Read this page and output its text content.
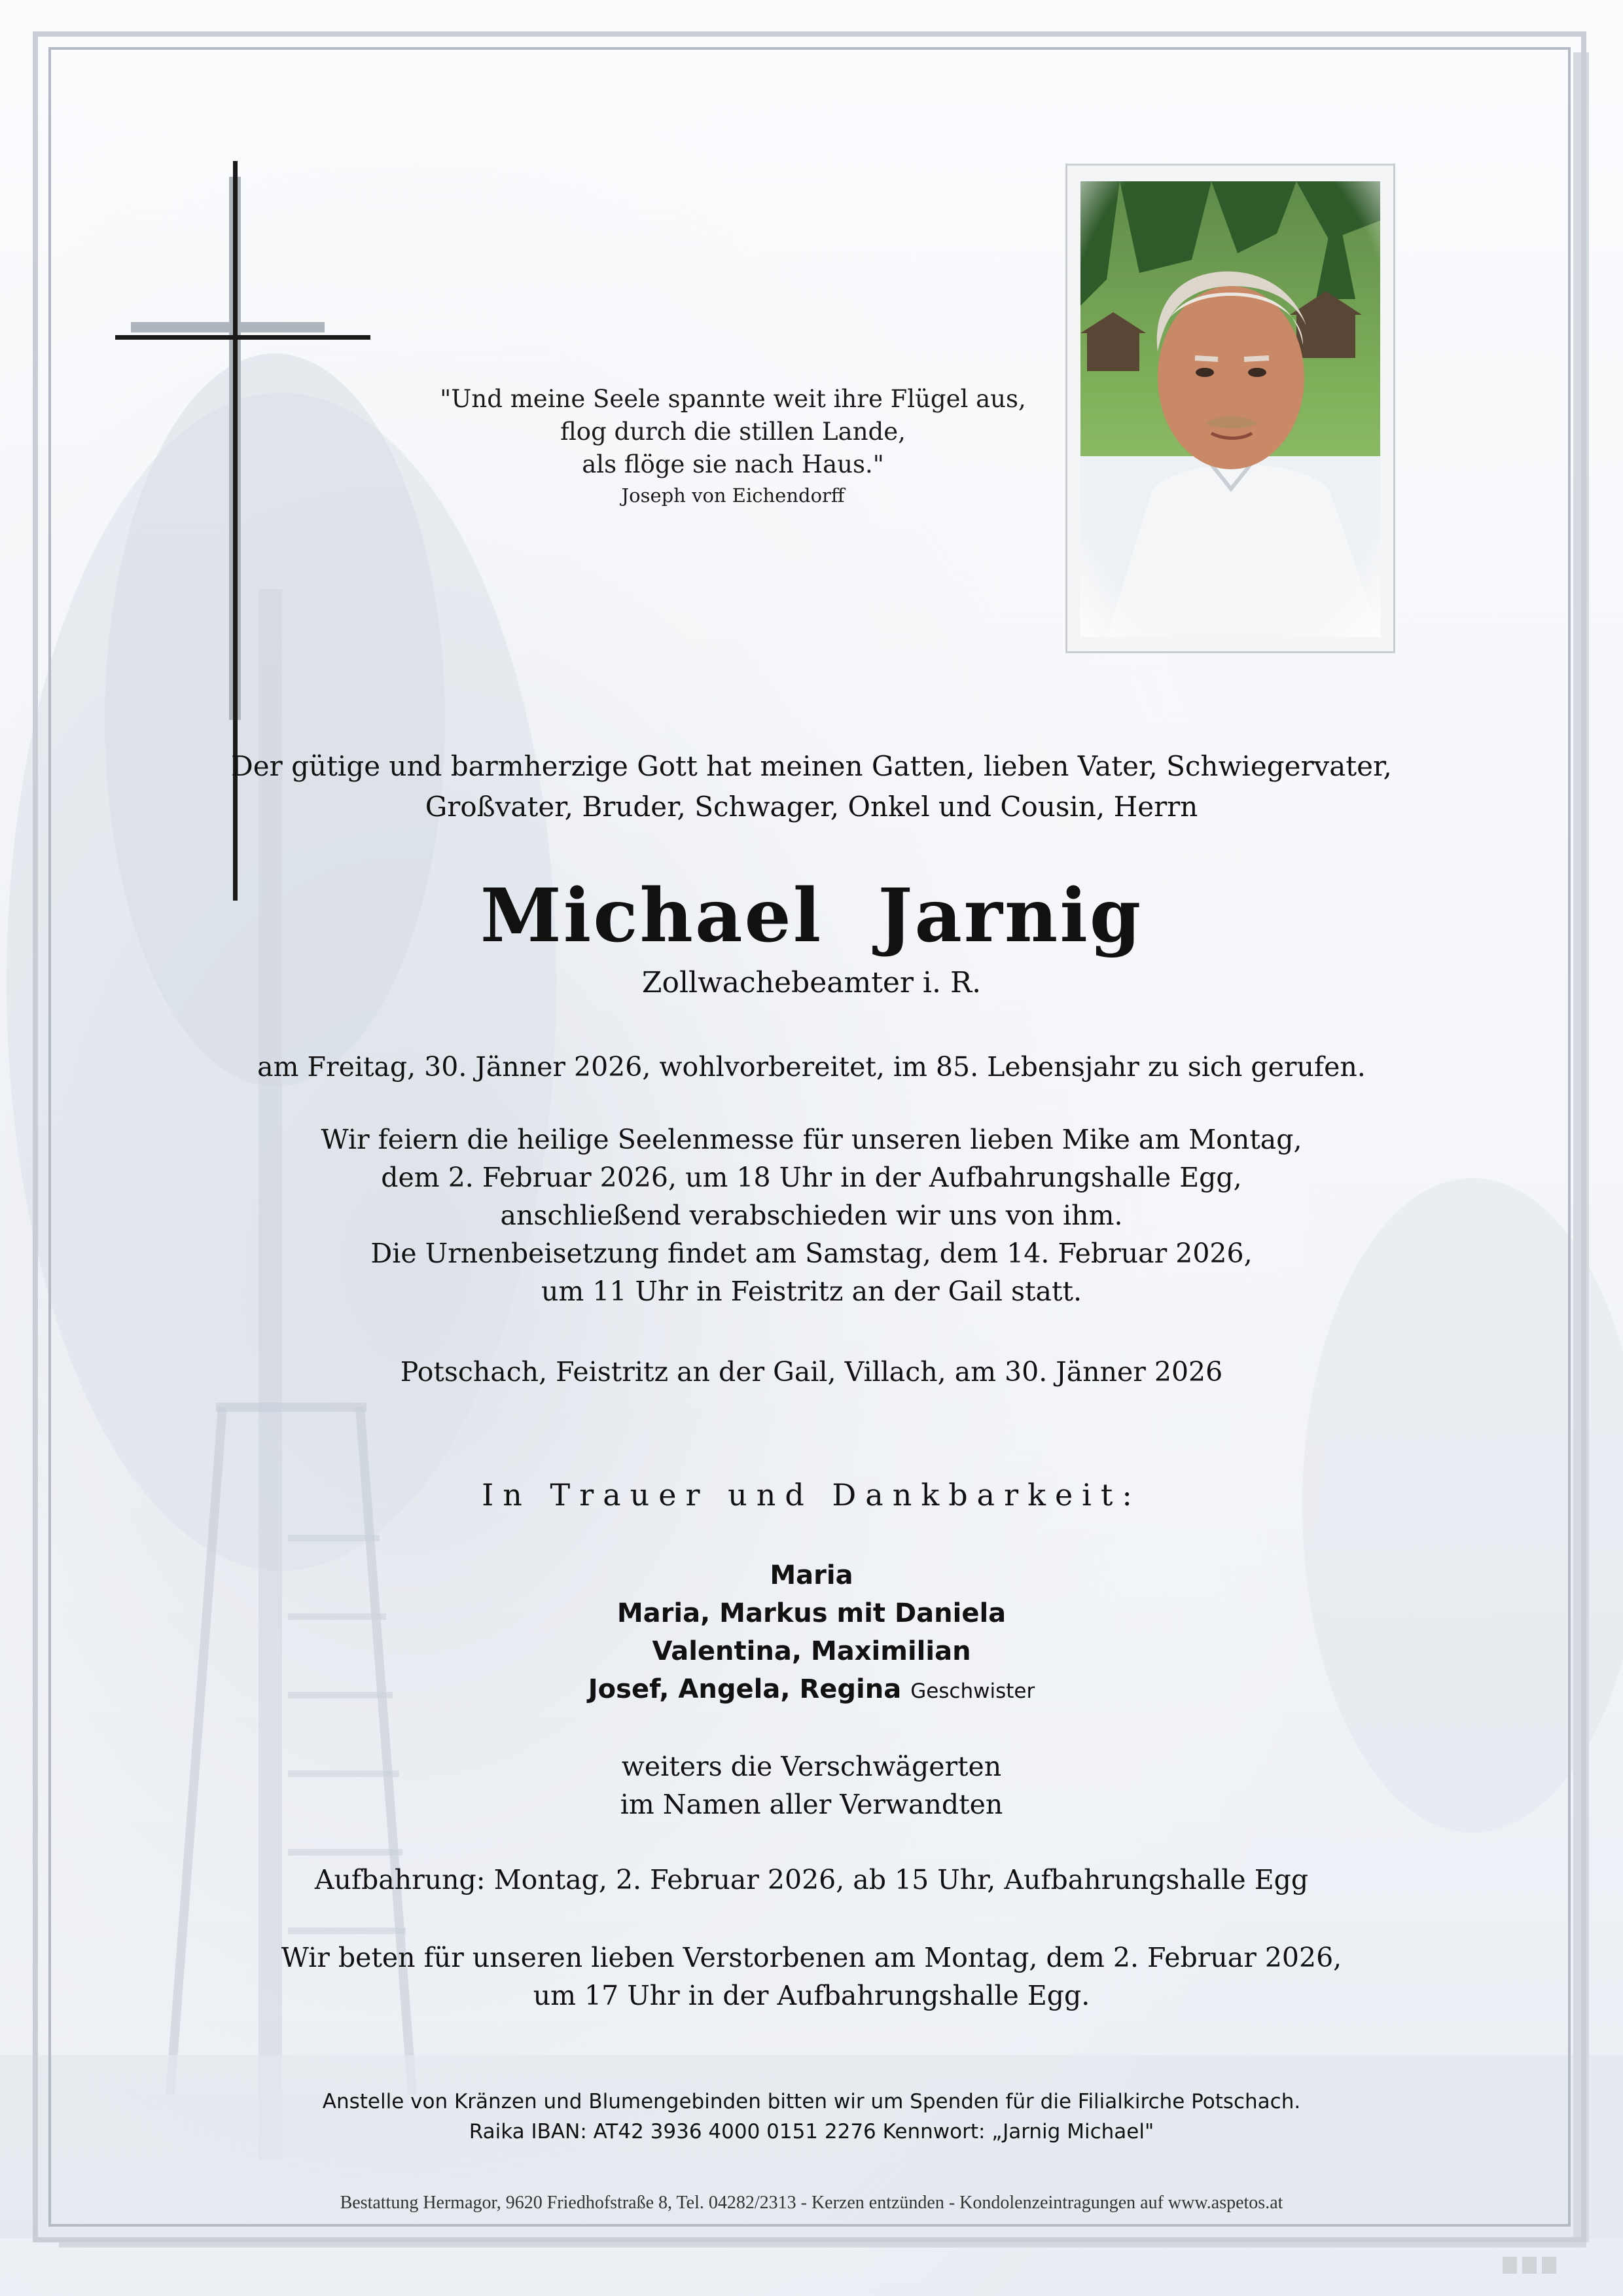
"Und meine Seele spannte weit ihre Flügel aus,
flog durch die stillen Lande,
als flöge sie nach Haus."
Joseph von Eichendorff
Der gütige und barmherzige Gott hat meinen Gatten, lieben Vater, Schwiegervater,
Großvater, Bruder, Schwager, Onkel und Cousin, Herrn
Michael  Jarnig
Zollwachebeamter i. R.
am Freitag, 30. Jänner 2026, wohlvorbereitet, im 85. Lebensjahr zu sich gerufen.
Wir feiern die heilige Seelenmesse für unseren lieben Mike am Montag,
dem 2. Februar 2026, um 18 Uhr in der Aufbahrungshalle Egg,
anschließend verabschieden wir uns von ihm.
Die Urnenbeisetzung findet am Samstag, dem 14. Februar 2026,
um 11 Uhr in Feistritz an der Gail statt.
Potschach, Feistritz an der Gail, Villach, am 30. Jänner 2026
In Trauer und Dankbarkeit:
Maria
Maria, Markus mit Daniela
Valentina, Maximilian
Josef, Angela, Regina Geschwister
weiters die Verschwägerten
im Namen aller Verwandten
Aufbahrung: Montag, 2. Februar 2026, ab 15 Uhr, Aufbahrungshalle Egg
Wir beten für unseren lieben Verstorbenen am Montag, dem 2. Februar 2026,
um 17 Uhr in der Aufbahrungshalle Egg.
Anstelle von Kränzen und Blumengebinden bitten wir um Spenden für die Filialkirche Potschach.
Raika IBAN: AT42 3936 4000 0151 2276 Kennwort: „Jarnig Michael"
Bestattung Hermagor, 9620 Friedhofstraße 8, Tel. 04282/2313 - Kerzen entzünden - Kondolenzeintragungen auf www.aspetos.at
